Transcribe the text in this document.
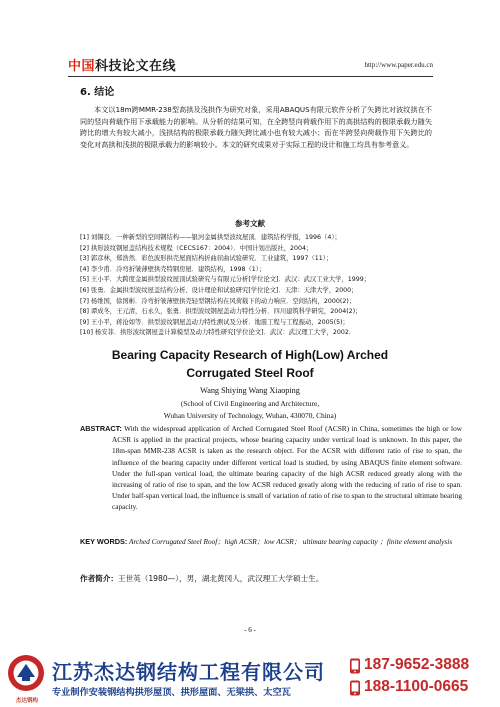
中国科技论文在线	http://www.paper.edu.cn
6. 结论
本文以18m跨MMR-238型高拱及浅拱作为研究对象，采用ABAQUS有限元软件分析了矢跨比对波纹拱在不同的竖向荷载作用下承载能力的影响。从分析的结果可知，在全跨竖向荷载作用下的高拱结构的极限承载力随矢跨比的增大有较大减小，浅拱结构的极限承载力随矢跨比减小也有较大减小；而在半跨竖向荷载作用下矢跨比的变化对高拱和浅拱的极限承载力的影响较小。本文的研究成果对于实际工程的设计和施工均具有参考意义。
参考文献
[1] 刘锡良．一种新型的空间钢结构——银河金属拱型波纹屋顶．建筑结构学报，1996（4）；
[2] 拱形波纹钢屋盖结构技术规程（CECS167：2004）．中国计划出版社，2004；
[3] 郭彦林，郑浩然．彩色波形拱壳屋面结构折曲屈曲试验研究．工业建筑，1997（11）；
[4] 李少甫．冷弯折皱薄壁拱壳特钢房屋．建筑结构，1998（1）；
[5] 王小平．大跨度金属拱型波纹屋顶试验研究与有限元分析[学位论文]．武汉：武汉工业大学，1999；
[6] 张勇．金属拱型波纹屋盖结构分析、设计理论和试验研究[学位论文]．天津：天津大学，2000；
[7] 杨维国，徐国彬．冷弯折皱薄壁拱壳轻型钢结构在风荷载下的动力响应．空间结构，2000(2)；
[8] 谭成冬，王元清，石永久，张勇．拱型波纹钢屋盖动力特性分析．四川建筑科学研究，2004(2)；
[9] 王小平，蒋沧如等．拱型波纹钢屋盖动力特性测试及分析．地震工程与工程振动，2005(5)；
[10] 杨安菲．拱形波纹钢屋盖计算模型及动力特性研究[学位论文]．武汉：武汉理工大学，2002．
Bearing Capacity Research of High(Low) Arched
Corrugated Steel Roof
Wang Shiying Wang Xiaoping
(School of Civil Engineering and Architecture,
Wuhan University of Technology, Wuhan, 430070, China)
ABSTRACT: With the widespread application of Arched Corrugated Steel Roof (ACSR) in China, sometimes the high or low ACSR is applied in the practical projects, whose bearing capacity under vertical load is unknown. In this paper, the 18m-span MMR-238 ACSR is taken as the research object. For the ACSR with different ratio of rise to span, the influence of the bearing capacity under different vertical load is studied, by using ABAQUS finite element software. Under the full-span vertical load, the ultimate bearing capacity of the high ACSR reduced greatly along with the increasing of ratio of rise to span, and the low ACSR reduced greatly along with the reducing of ratio of rise to span. Under half-span vertical load, the influence is small of variation of ratio of rise to span to the structural ultimate bearing capacity.
KEY WORDS: Arched Corrugated Steel Roof；high ACSR；low ACSR； ultimate bearing capacity ；finite element analysis
作者简介：王世英（1980—），男，湖北黄冈人，武汉理工大学硕士生。
- 6 -
杰达钢构
江苏杰达钢结构工程有限公司
专业制作安装钢结构拱形屋顶、拱形屋面、无梁拱、太空瓦
187-9652-3888
188-1100-0665
